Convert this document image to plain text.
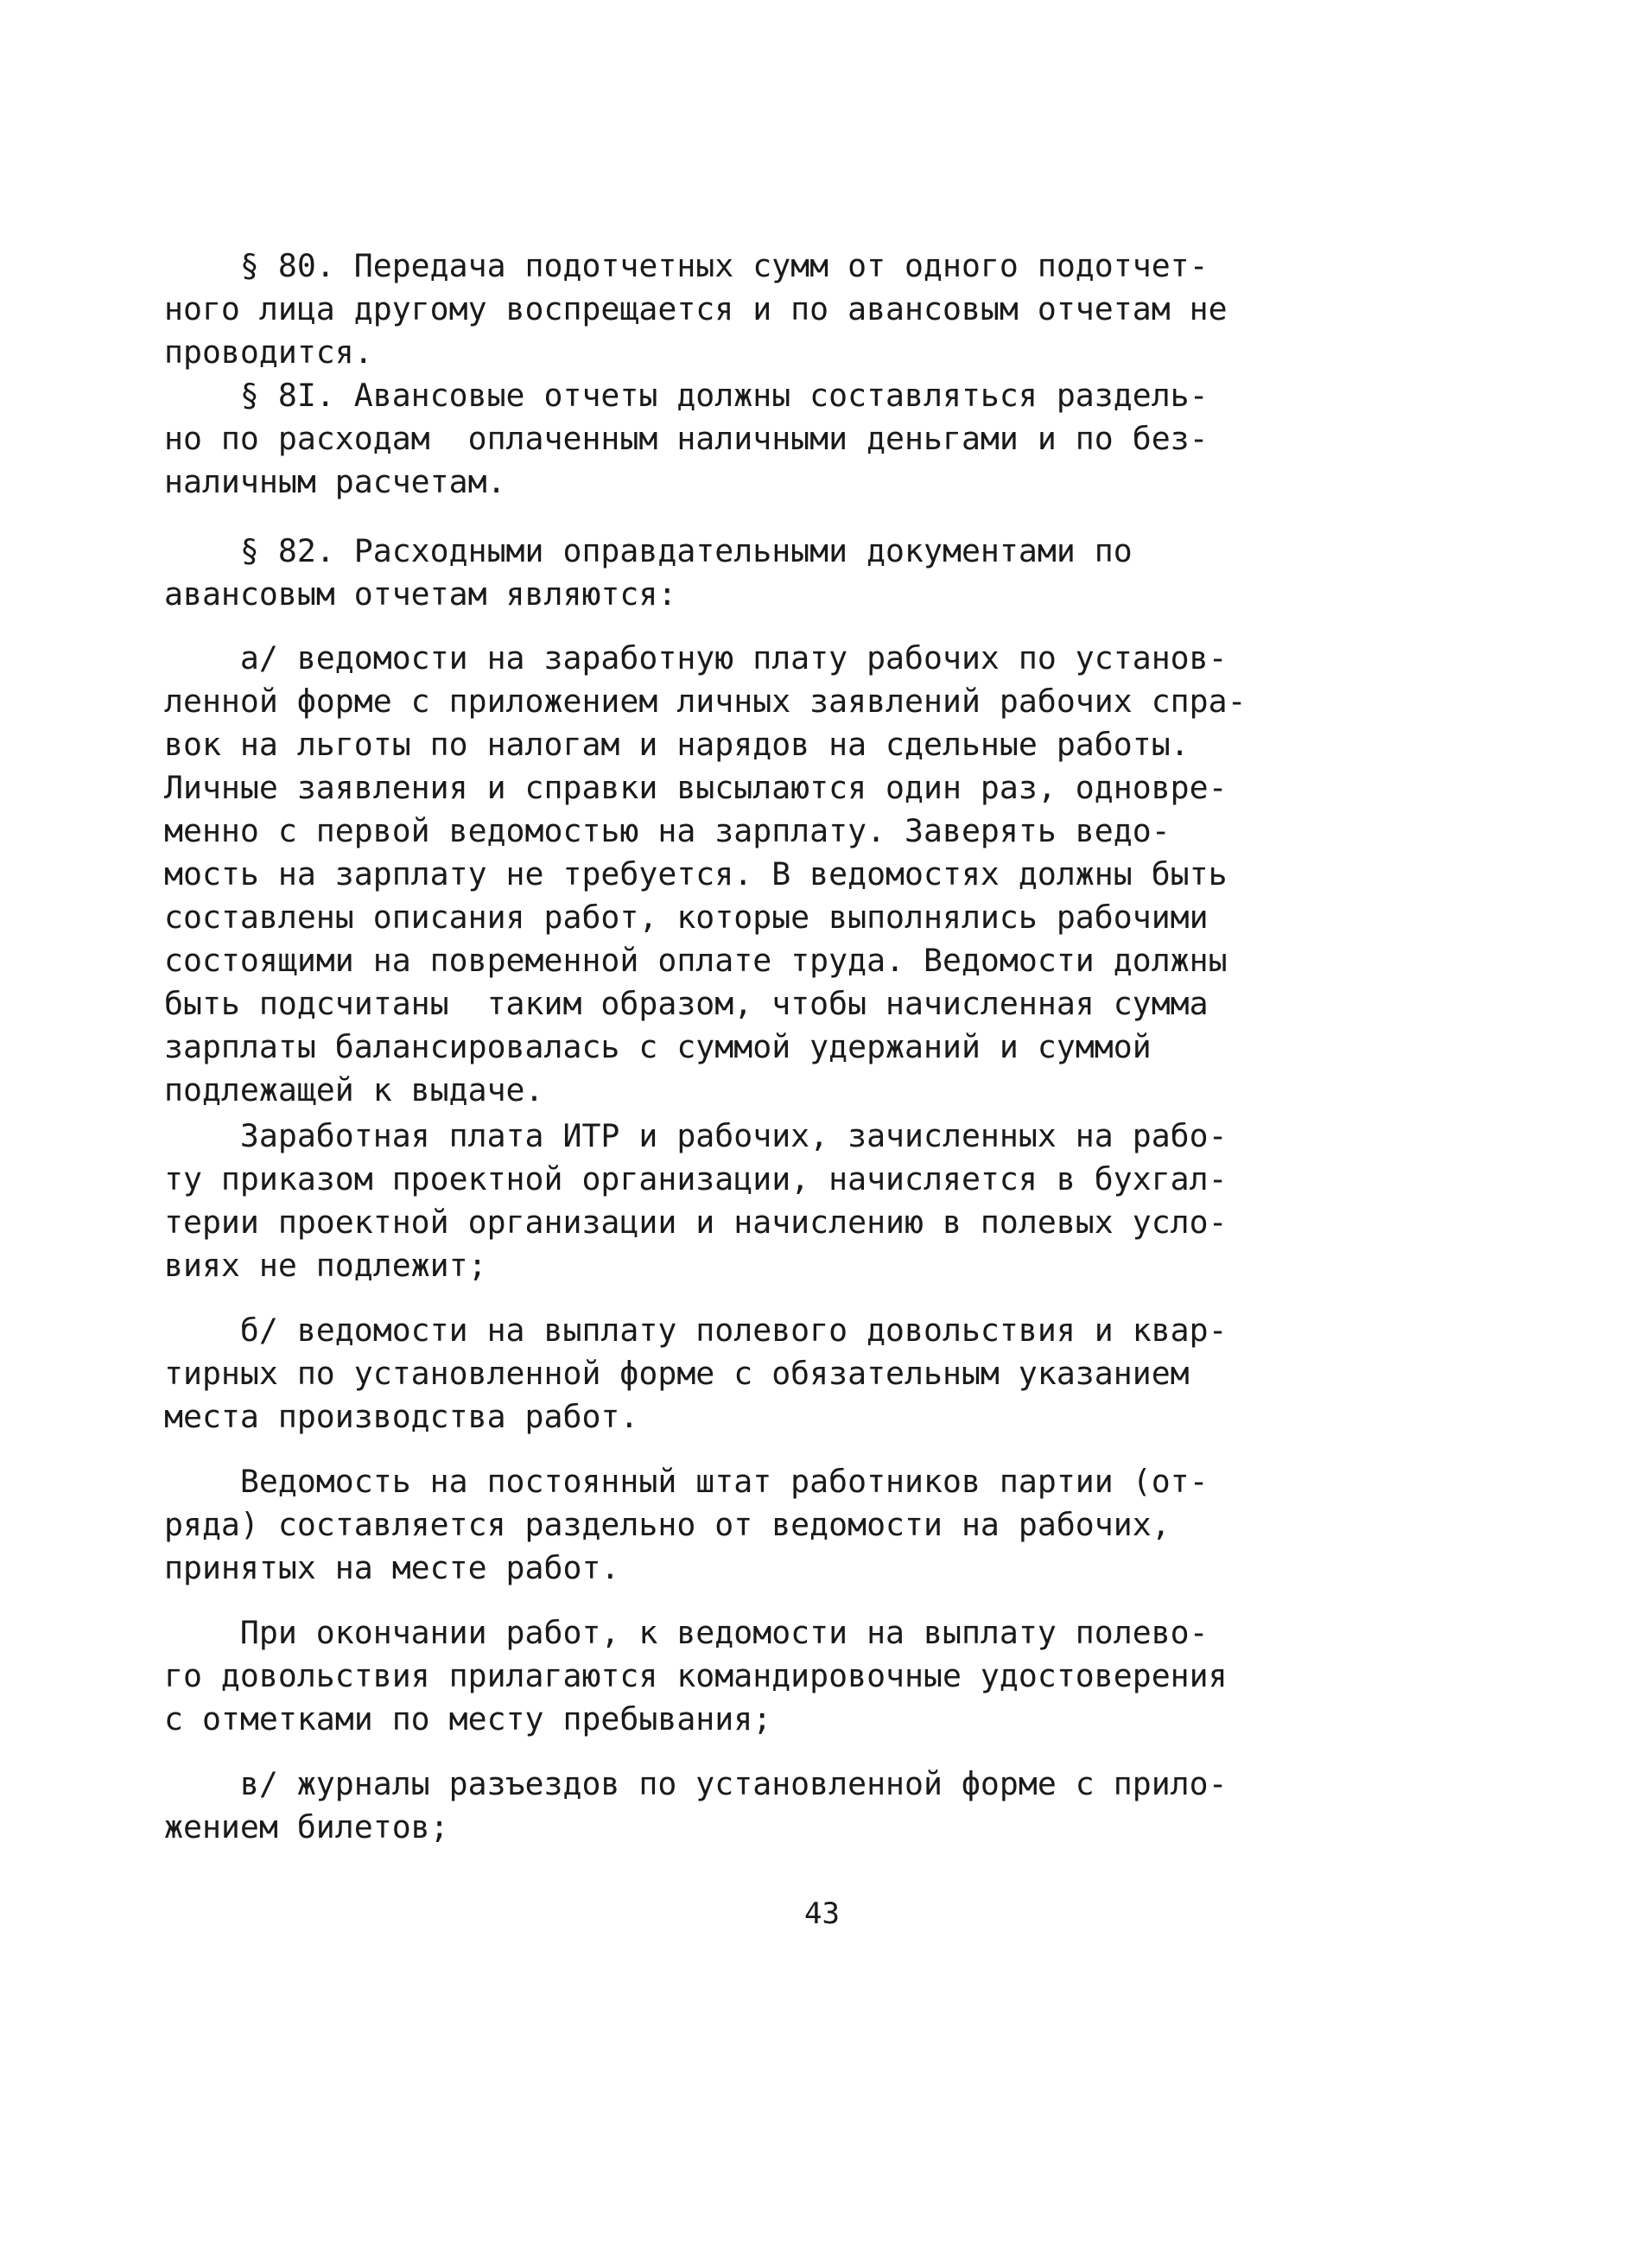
§ 80. Передача подотчетных сумм от одного подотчет-
ного лица другому воспрещается и по авансовым отчетам не
проводится.
§ 8I. Авансовые отчеты должны составляться раздель-
но по расходам  оплаченным наличными деньгами и по без-
наличным расчетам.
§ 82. Расходными оправдательными документами по
авансовым отчетам являются:
а/ ведомости на заработную плату рабочих по установ-
ленной форме с приложением личных заявлений рабочих спра-
вок на льготы по налогам и нарядов на сдельные работы.
Личные заявления и справки высылаются один раз, одновре-
менно с первой ведомостью на зарплату. Заверять ведо-
мость на зарплату не требуется. В ведомостях должны быть
составлены описания работ, которые выполнялись рабочими
состоящими на повременной оплате труда. Ведомости должны
быть подсчитаны  таким образом, чтобы начисленная сумма
зарплаты балансировалась с суммой удержаний и суммой
подлежащей к выдаче.
Заработная плата ИТР и рабочих, зачисленных на рабо-
ту приказом проектной организации, начисляется в бухгал-
терии проектной организации и начислению в полевых усло-
виях не подлежит;
б/ ведомости на выплату полевого довольствия и квар-
тирных по установленной форме с обязательным указанием
места производства работ.
Ведомость на постоянный штат работников партии (от-
ряда) составляется раздельно от ведомости на рабочих,
принятых на месте работ.
При окончании работ, к ведомости на выплату полево-
го довольствия прилагаются командировочные удостоверения
с отметками по месту пребывания;
в/ журналы разъездов по установленной форме с прило-
жением билетов;
43
